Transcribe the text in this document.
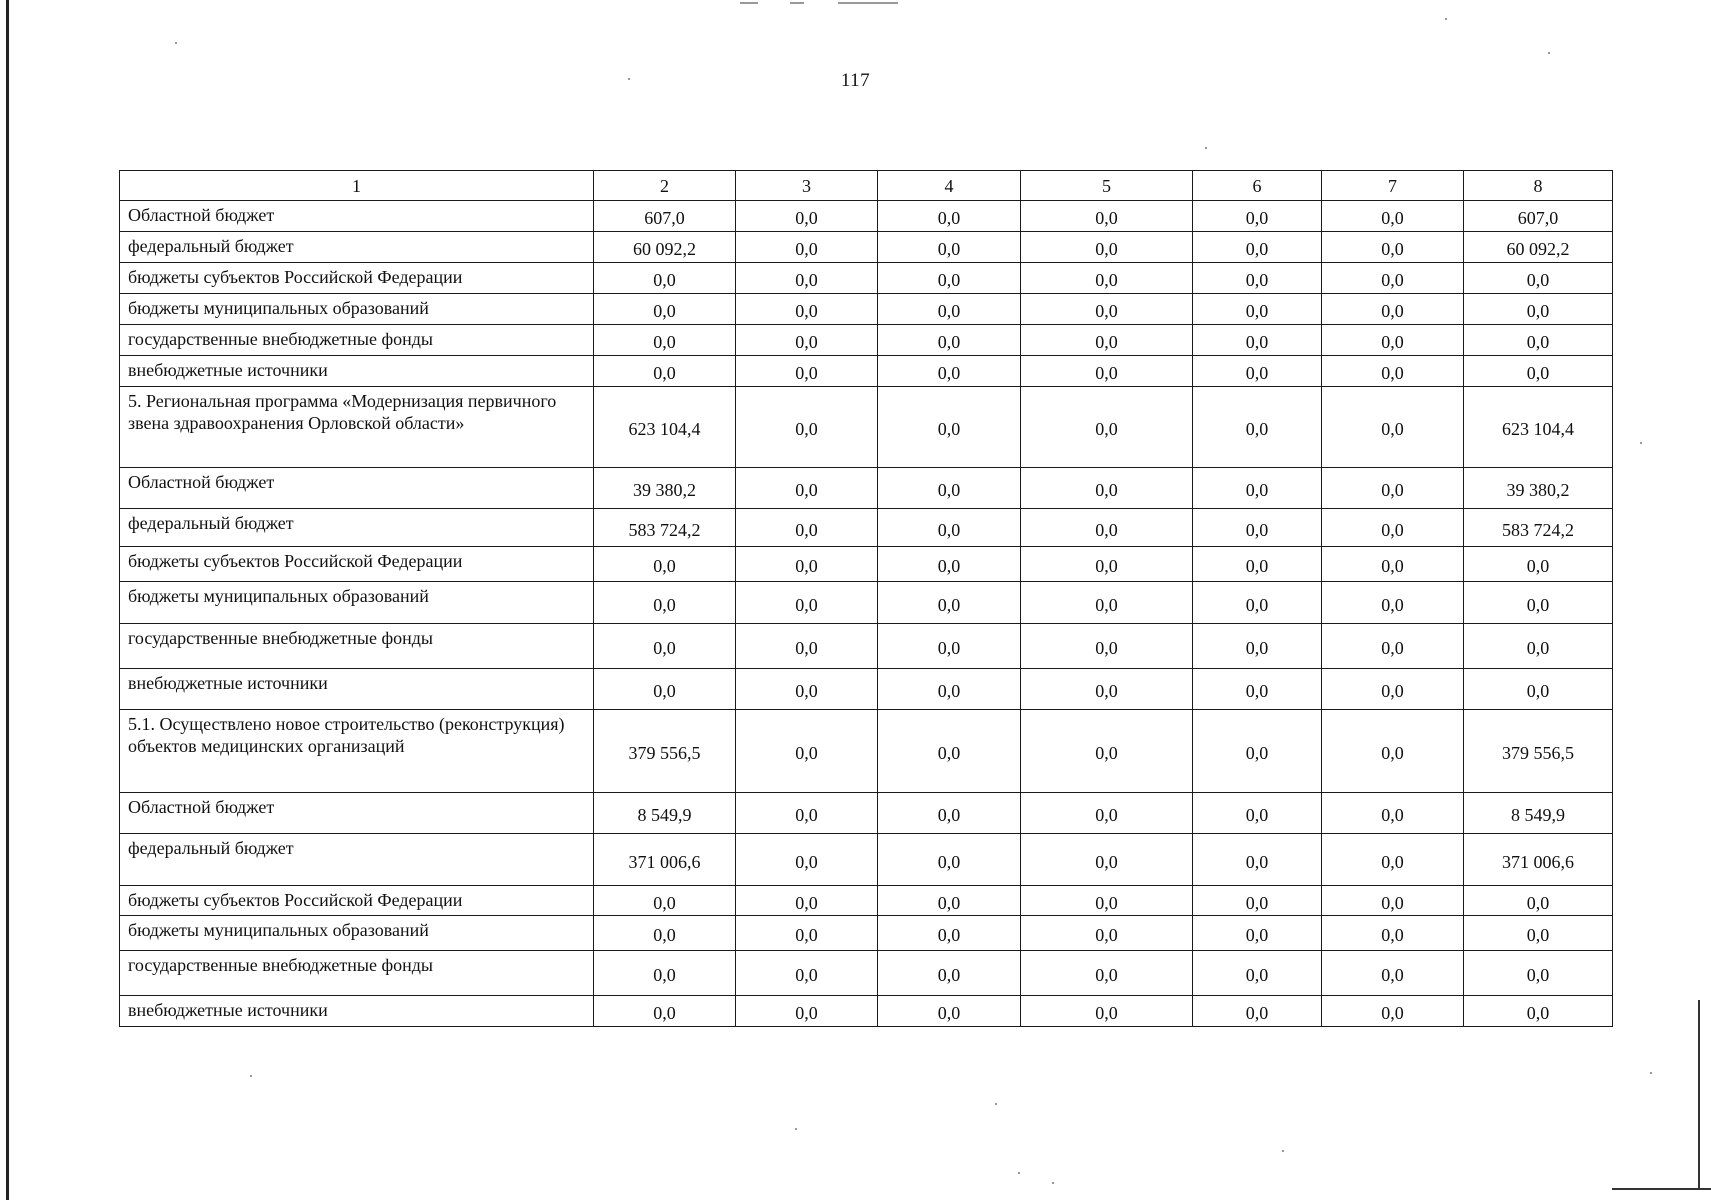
117
1	2	3	4	5	6	7	8
Областной бюджет	607,0	0,0	0,0	0,0	0,0	0,0	607,0
федеральный бюджет	60 092,2	0,0	0,0	0,0	0,0	0,0	60 092,2
бюджеты субъектов Российской Федерации	0,0	0,0	0,0	0,0	0,0	0,0	0,0
бюджеты муниципальных образований	0,0	0,0	0,0	0,0	0,0	0,0	0,0
государственные внебюджетные фонды	0,0	0,0	0,0	0,0	0,0	0,0	0,0
внебюджетные источники	0,0	0,0	0,0	0,0	0,0	0,0	0,0
5. Региональная программа «Модернизация первичного звена здравоохранения Орловской области»	623 104,4	0,0	0,0	0,0	0,0	0,0	623 104,4
Областной бюджет	39 380,2	0,0	0,0	0,0	0,0	0,0	39 380,2
федеральный бюджет	583 724,2	0,0	0,0	0,0	0,0	0,0	583 724,2
бюджеты субъектов Российской Федерации	0,0	0,0	0,0	0,0	0,0	0,0	0,0
бюджеты муниципальных образований	0,0	0,0	0,0	0,0	0,0	0,0	0,0
государственные внебюджетные фонды	0,0	0,0	0,0	0,0	0,0	0,0	0,0
внебюджетные источники	0,0	0,0	0,0	0,0	0,0	0,0	0,0
5.1. Осуществлено новое строительство (реконструкция) объектов медицинских организаций	379 556,5	0,0	0,0	0,0	0,0	0,0	379 556,5
Областной бюджет	8 549,9	0,0	0,0	0,0	0,0	0,0	8 549,9
федеральный бюджет	371 006,6	0,0	0,0	0,0	0,0	0,0	371 006,6
бюджеты субъектов Российской Федерации	0,0	0,0	0,0	0,0	0,0	0,0	0,0
бюджеты муниципальных образований	0,0	0,0	0,0	0,0	0,0	0,0	0,0
государственные внебюджетные фонды	0,0	0,0	0,0	0,0	0,0	0,0	0,0
внебюджетные источники	0,0	0,0	0,0	0,0	0,0	0,0	0,0
